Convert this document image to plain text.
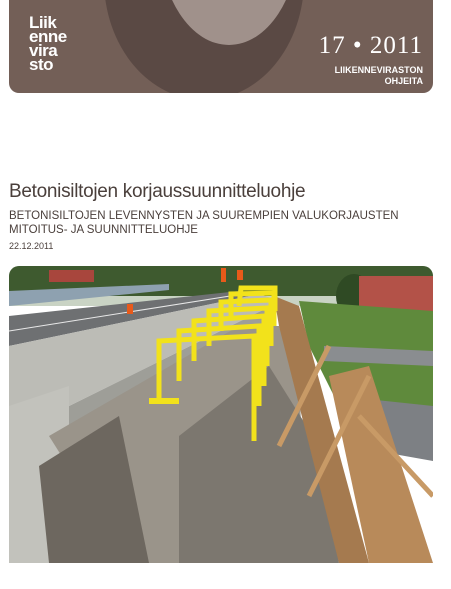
Liik
enne
vira
sto
17 • 2011
LIIKENNEVIRASTON
OHJEITA
Betonisiltojen korjaussuunnitteluohje
BETONISILTOJEN LEVENNYSTEN JA SUUREMPIEN VALUKORJAUSTEN MITOITUS- JA SUUNNITTELUOHJE
22.12.2011
